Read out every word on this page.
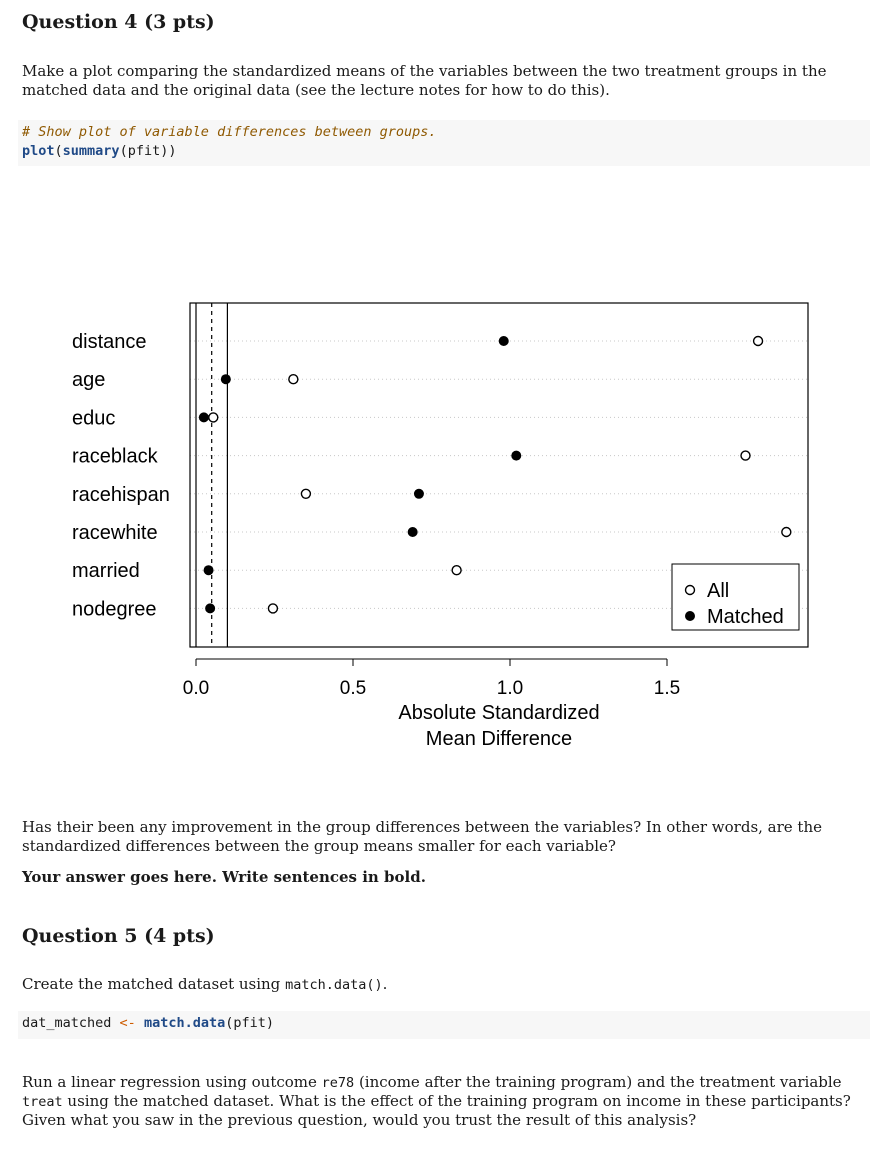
Question 4 (3 pts)

Make a plot comparing the standardized means of the variables between the two treatment groups in the

matched data and the original data (see the lecture notes for how to do this).

# Show plot of variable differences between groups.
plot(summary(pfit))
distance
age
educ
raceblack
racehispan
racewhite
married
nodegree
0.0	0.5	1.0	1.5
Absolute Standardized
Mean Difference
All
Matched

Has their been any improvement in the group differences between the variables? In other words, are the

standardized differences between the group means smaller for each variable?

Your answer goes here. Write sentences in bold.

Question 5 (4 pts)

Create the matched dataset using match.data().

dat_matched <- match.data(pfit)

Run a linear regression using outcome re78 (income after the training program) and the treatment variable

treat using the matched dataset. What is the effect of the training program on income in these participants?

Given what you saw in the previous question, would you trust the result of this analysis?
